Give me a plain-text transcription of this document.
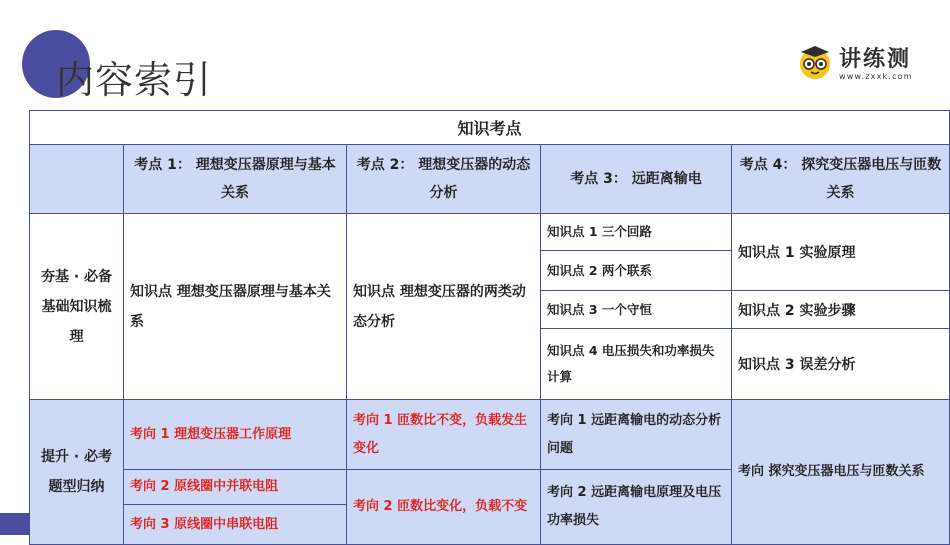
内容索引	讲练测
www.zxxk.com
知识考点				
	考点 1： 理想变压器原理与基本关系	考点 2： 理想变压器的动态分析	考点 3： 远距离输电	考点 4： 探究变压器电压与匝数关系
夯基 · 必备基础知识梳理	知识点 理想变压器原理与基本关系	知识点 理想变压器的两类动态分析	知识点 1 三个回路	知识点 1 实验原理
			知识点 2 两个联系	
			知识点 3 一个守恒	知识点 2 实验步骤
			知识点 4 电压损失和功率损失计算	知识点 3 误差分析
提升 · 必考题型归纳	考向 1 理想变压器工作原理	考向 1 匝数比不变，负载发生变化	考向 1 远距离输电的动态分析问题	考向 探究变压器电压与匝数关系
	考向 2 原线圈中并联电阻	考向 2 匝数比变化，负载不变	考向 2 远距离输电原理及电压功率损失	
	考向 3 原线圈中串联电阻			
